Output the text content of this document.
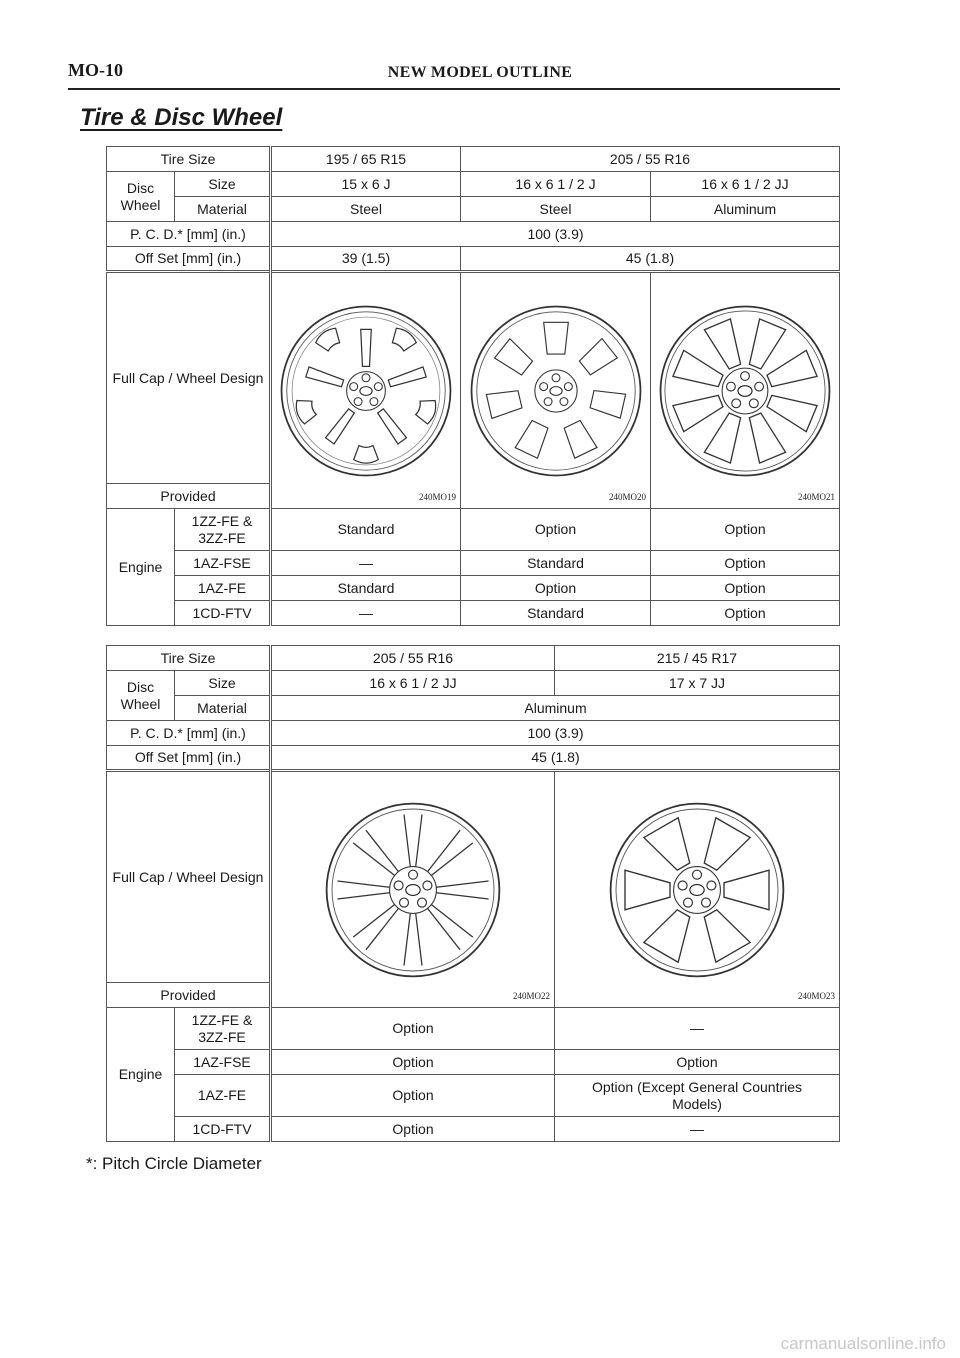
MO-10	NEW MODEL OUTLINE
Tire & Disc Wheel
Tire Size		195 / 65 R15	205 / 55 R16	
Disc Wheel	Size	15 x 6 J	16 x 6 1 / 2 J	16 x 6 1 / 2 JJ
	Material	Steel	Steel	Aluminum
P. C. D.* [mm] (in.)		100 (3.9)		
Off Set [mm] (in.)		39 (1.5)	45 (1.8)	
Full Cap / Wheel Design		240MO19	240MO20	240MO21

Provided				
Engine	1ZZ-FE & 3ZZ-FE	Standard	Option	Option
	1AZ-FSE	—	Standard	Option
	1AZ-FE	Standard	Option	Option
	1CD-FTV	—	Standard	Option
Tire Size		205 / 55 R16	215 / 45 R17
Disc Wheel	Size	16 x 6 1 / 2 JJ	17 x 7 JJ
	Material	Aluminum	
P. C. D.* [mm] (in.)		100 (3.9)	
Off Set [mm] (in.)		45 (1.8)	
Full Cap / Wheel Design		240MO22	240MO23

Provided			
Engine	1ZZ-FE & 3ZZ-FE	Option	—
	1AZ-FSE	Option	Option
	1AZ-FE	Option	Option (Except General Countries Models)
	1CD-FTV	Option	—
*: Pitch Circle Diameter
carmanualsonline.info
